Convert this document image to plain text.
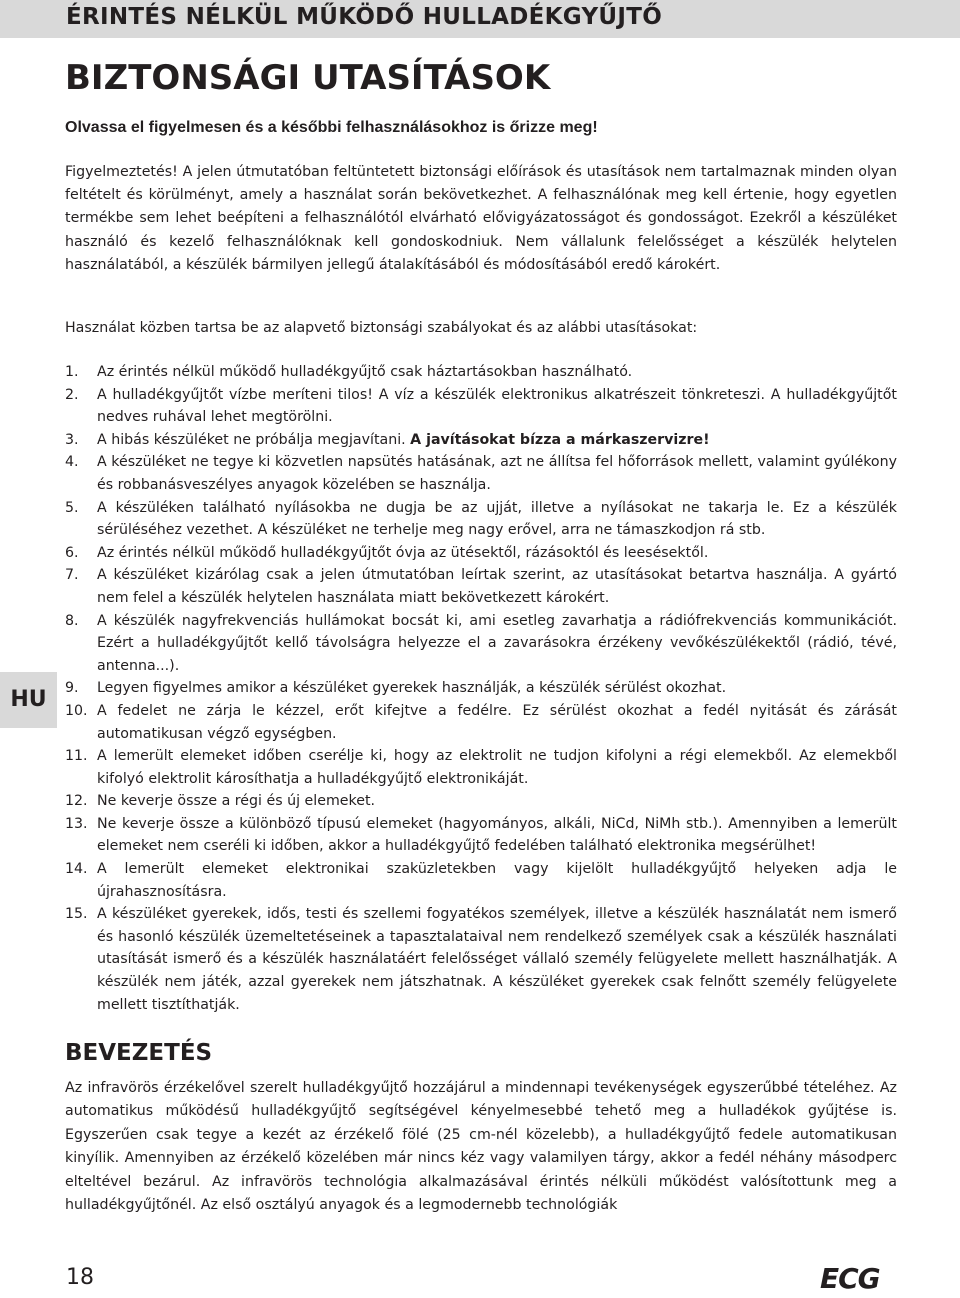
ÉRINTÉS NÉLKÜL MŰKÖDŐ HULLADÉKGYŰJTŐ
HU
BIZTONSÁGI UTASÍTÁSOK

Olvassa el figyelmesen és a későbbi felhasználásokhoz is őrizze meg!

Figyelmeztetés! A jelen útmutatóban feltüntetett biztonsági előírások és utasítások nem tartalmaznak minden olyan feltételt és körülményt, amely a használat során bekövetkezhet. A felhasználónak meg kell értenie, hogy egyetlen termékbe sem lehet beépíteni a felhasználótól elvárható elővigyázatosságot és gondosságot. Ezekről a készüléket használó és kezelő felhasználóknak kell gondoskodniuk. Nem vállalunk felelősséget a készülék helytelen használatából, a készülék bármilyen jellegű átalakításából és módosításából eredő károkért.

Használat közben tartsa be az alapvető biztonsági szabályokat és az alábbi utasításokat:

1. Az érintés nélkül működő hulladékgyűjtő csak háztartásokban használható.
2. A hulladékgyűjtőt vízbe meríteni tilos! A víz a készülék elektronikus alkatrészeit tönkreteszi. A hulladékgyűjtőt nedves ruhával lehet megtörölni.
3. A hibás készüléket ne próbálja megjavítani. A javításokat bízza a márkaszervizre!
4. A készüléket ne tegye ki közvetlen napsütés hatásának, azt ne állítsa fel hőforrások mellett, valamint gyúlékony és robbanásveszélyes anyagok közelében se használja.
5. A készüléken található nyílásokba ne dugja be az ujját, illetve a nyílásokat ne takarja le. Ez a készülék sérüléséhez vezethet. A készüléket ne terhelje meg nagy erővel, arra ne támaszkodjon rá stb.
6. Az érintés nélkül működő hulladékgyűjtőt óvja az ütésektől, rázásoktól és leesésektől.
7. A készüléket kizárólag csak a jelen útmutatóban leírtak szerint, az utasításokat betartva használja. A gyártó nem felel a készülék helytelen használata miatt bekövetkezett károkért.
8. A készülék nagyfrekvenciás hullámokat bocsát ki, ami esetleg zavarhatja a rádiófrekvenciás kommunikációt. Ezért a hulladékgyűjtőt kellő távolságra helyezze el a zavarásokra érzékeny vevőkészülékektől (rádió, tévé, antenna...).
9. Legyen figyelmes amikor a készüléket gyerekek használják, a készülék sérülést okozhat.
10. A fedelet ne zárja le kézzel, erőt kifejtve a fedélre. Ez sérülést okozhat a fedél nyitását és zárását automatikusan végző egységben.
11. A lemerült elemeket időben cserélje ki, hogy az elektrolit ne tudjon kifolyni a régi elemekből. Az elemekből kifolyó elektrolit károsíthatja a hulladékgyűjtő elektronikáját.
12. Ne keverje össze a régi és új elemeket.
13. Ne keverje össze a különböző típusú elemeket (hagyományos, alkáli, NiCd, NiMh stb.). Amennyiben a lemerült elemeket nem cseréli ki időben, akkor a hulladékgyűjtő fedelében található elektronika megsérülhet!
14. A lemerült elemeket elektronikai szaküzletekben vagy kijelölt hulladékgyűjtő helyeken adja le újrahasznosításra.
15. A készüléket gyerekek, idős, testi és szellemi fogyatékos személyek, illetve a készülék használatát nem ismerő és hasonló készülék üzemeltetéseinek a tapasztalataival nem rendelkező személyek csak a készülék használati utasítását ismerő és a készülék használatáért felelősséget vállaló személy felügyelete mellett használhatják. A készülék nem játék, azzal gyerekek nem játszhatnak. A készüléket gyerekek csak felnőtt személy felügyelete mellett tisztíthatják.
BEVEZETÉS

Az infravörös érzékelővel szerelt hulladékgyűjtő hozzájárul a mindennapi tevékenységek egyszerűbbé tételéhez. Az automatikus működésű hulladékgyűjtő segítségével kényelmesebbé tehető meg a hulladékok gyűjtése is. Egyszerűen csak tegye a kezét az érzékelő fölé (25 cm-nél közelebb), a hulladékgyűjtő fedele automatikusan kinyílik. Amennyiben az érzékelő közelében már nincs kéz vagy valamilyen tárgy, akkor a fedél néhány másodperc elteltével bezárul. Az infravörös technológia alkalmazásával érintés nélküli működést valósítottunk meg a hulladékgyűjtőnél. Az első osztályú anyagok és a legmodernebb technológiák

18	ECG
